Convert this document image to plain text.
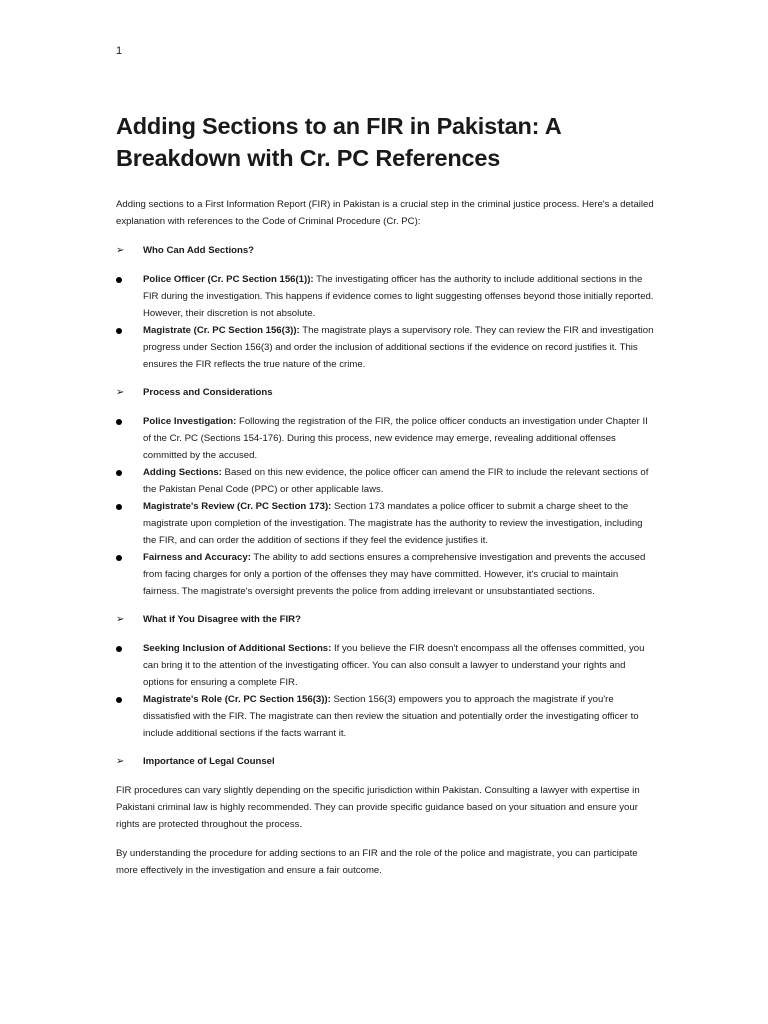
1
Adding Sections to an FIR in Pakistan: A Breakdown with Cr. PC References

Adding sections to a First Information Report (FIR) in Pakistan is a crucial step in the criminal justice process. Here's a detailed explanation with references to the Code of Criminal Procedure (Cr. PC):

➢ Who Can Add Sections?
Police Officer (Cr. PC Section 156(1)): The investigating officer has the authority to include additional sections in the FIR during the investigation. This happens if evidence comes to light suggesting offenses beyond those initially reported. However, their discretion is not absolute.
Magistrate (Cr. PC Section 156(3)): The magistrate plays a supervisory role. They can review the FIR and investigation progress under Section 156(3) and order the inclusion of additional sections if the evidence on record justifies it. This ensures the FIR reflects the true nature of the crime.
➢ Process and Considerations
Police Investigation: Following the registration of the FIR, the police officer conducts an investigation under Chapter II of the Cr. PC (Sections 154-176). During this process, new evidence may emerge, revealing additional offenses committed by the accused.
Adding Sections: Based on this new evidence, the police officer can amend the FIR to include the relevant sections of the Pakistan Penal Code (PPC) or other applicable laws.
Magistrate's Review (Cr. PC Section 173): Section 173 mandates a police officer to submit a charge sheet to the magistrate upon completion of the investigation. The magistrate has the authority to review the investigation, including the FIR, and can order the addition of sections if they feel the evidence justifies it.
Fairness and Accuracy: The ability to add sections ensures a comprehensive investigation and prevents the accused from facing charges for only a portion of the offenses they may have committed. However, it's crucial to maintain fairness. The magistrate's oversight prevents the police from adding irrelevant or unsubstantiated sections.
➢ What if You Disagree with the FIR?
Seeking Inclusion of Additional Sections: If you believe the FIR doesn't encompass all the offenses committed, you can bring it to the attention of the investigating officer. You can also consult a lawyer to understand your rights and options for ensuring a complete FIR.
Magistrate's Role (Cr. PC Section 156(3)): Section 156(3) empowers you to approach the magistrate if you're dissatisfied with the FIR. The magistrate can then review the situation and potentially order the investigating officer to include additional sections if the facts warrant it.
➢ Importance of Legal Counsel

FIR procedures can vary slightly depending on the specific jurisdiction within Pakistan. Consulting a lawyer with expertise in Pakistani criminal law is highly recommended. They can provide specific guidance based on your situation and ensure your rights are protected throughout the process.

By understanding the procedure for adding sections to an FIR and the role of the police and magistrate, you can participate more effectively in the investigation and ensure a fair outcome.
